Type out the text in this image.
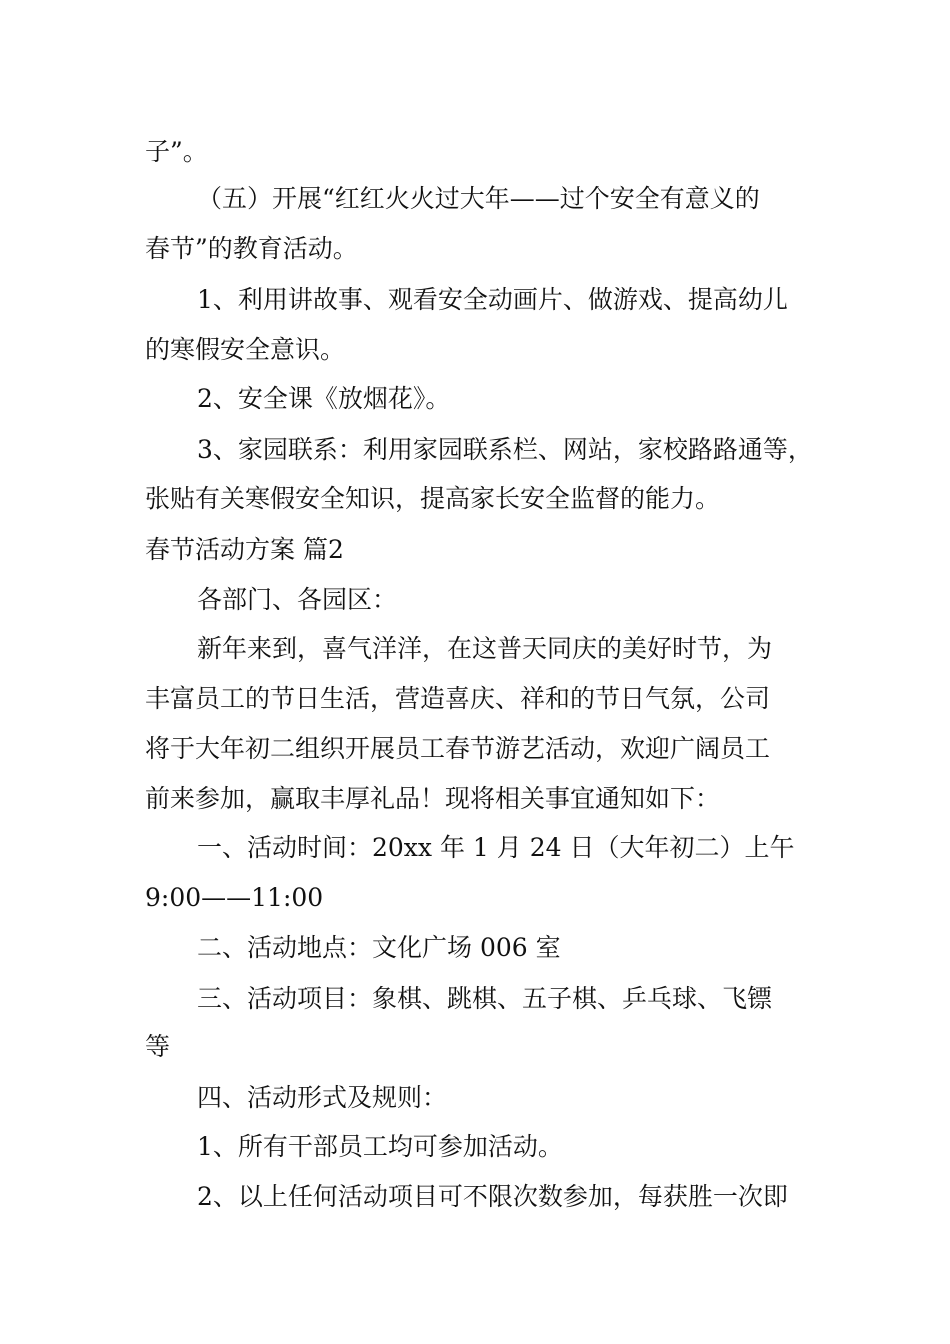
子”。
（五）开展“红红火火过大年——过个安全有意义的
春节”的教育活动。
1、利用讲故事、观看安全动画片、做游戏、提高幼儿
的寒假安全意识。
2、安全课《放烟花》。
3、家园联系：利用家园联系栏、网站，家校路路通等，
张贴有关寒假安全知识，提高家长安全监督的能力。
春节活动方案 篇2
各部门、各园区：
新年来到，喜气洋洋，在这普天同庆的美好时节，为
丰富员工的节日生活，营造喜庆、祥和的节日气氛，公司
将于大年初二组织开展员工春节游艺活动，欢迎广阔员工
前来参加，赢取丰厚礼品！现将相关事宜通知如下：
一、活动时间：20xx 年 1 月 24 日（大年初二）上午
9:00——11:00
二、活动地点：文化广场 006 室
三、活动项目：象棋、跳棋、五子棋、乒乓球、飞镖
等
四、活动形式及规则：
1、所有干部员工均可参加活动。
2、以上任何活动项目可不限次数参加，每获胜一次即
